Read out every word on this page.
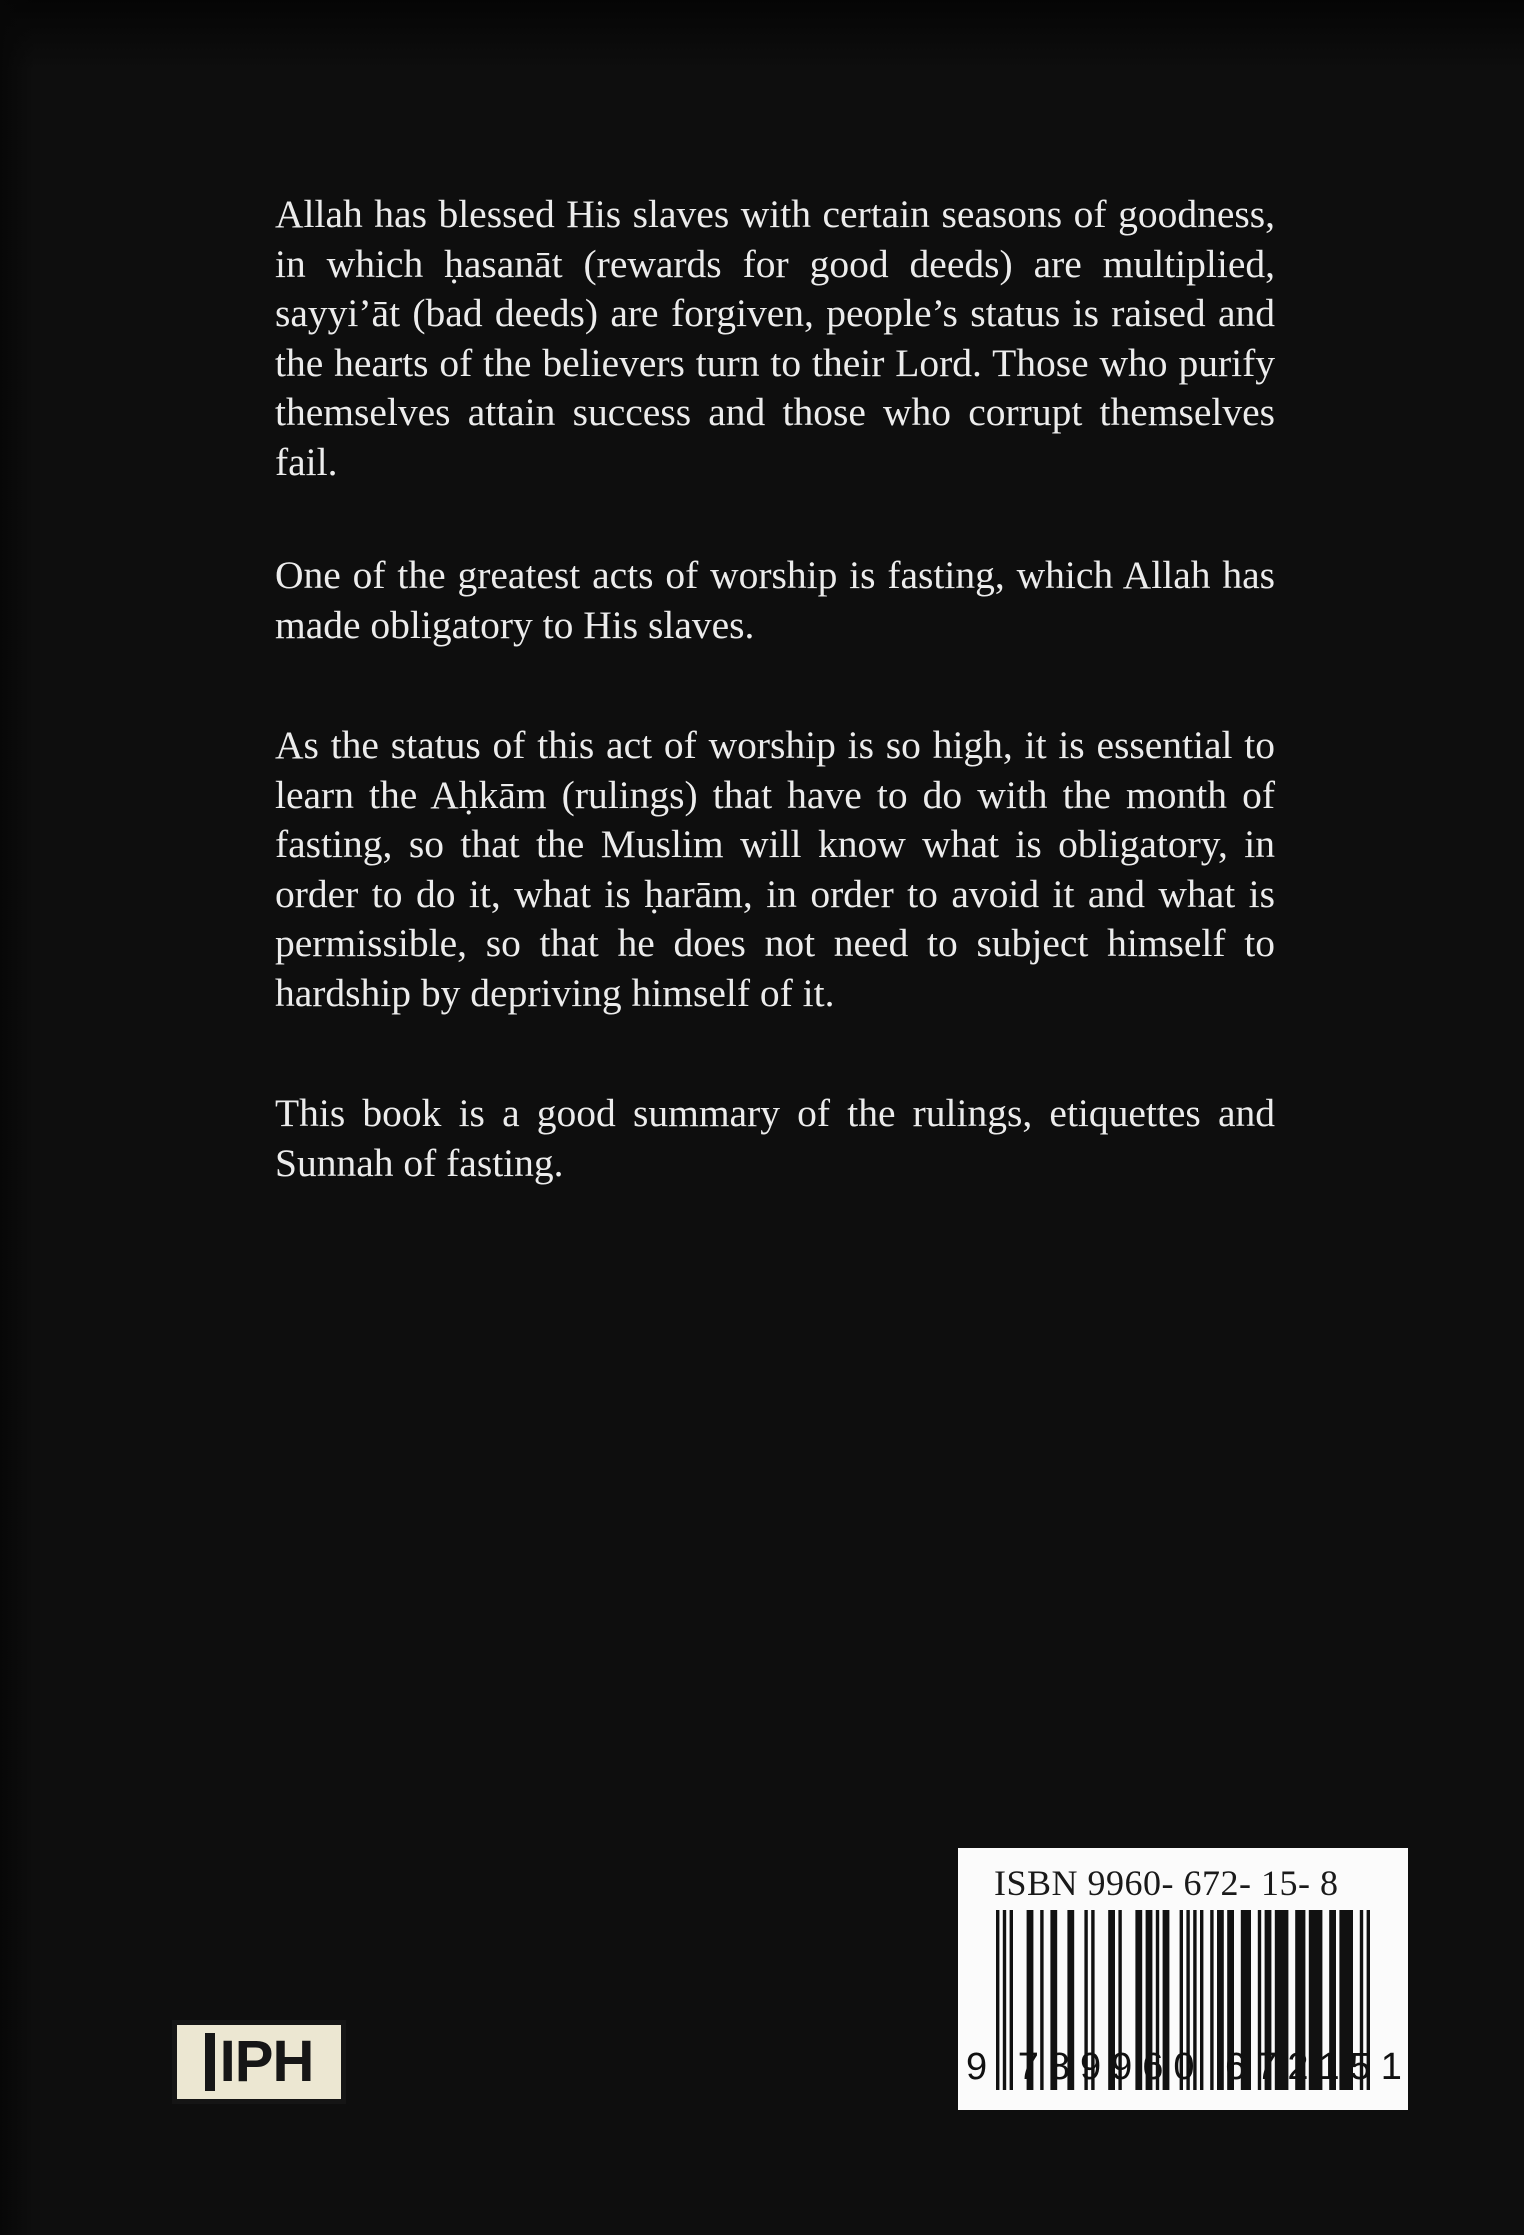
Allah has blessed His slaves with certain seasons of goodness, in which ḥasanāt (rewards for good deeds) are multiplied, sayyi’āt (bad deeds) are forgiven, people’s status is raised and the hearts of the believers turn to their Lord. Those who purify themselves attain success and those who corrupt themselves fail.

One of the greatest acts of worship is fasting, which Allah has made obligatory to His slaves.

As the status of this act of worship is so high, it is essential to learn the Aḥkām (rulings) that have to do with the month of fasting, so that the Muslim will know what is obligatory, in order to do it, what is ḥarām, in order to avoid it and what is permissible, so that he does not need to subject himself to hardship by depriving himself of it.

This book is a good summary of the rulings, etiquettes and Sunnah of fasting.

IPH
ISBN 9960- 672- 15- 8
9 789960 672151
